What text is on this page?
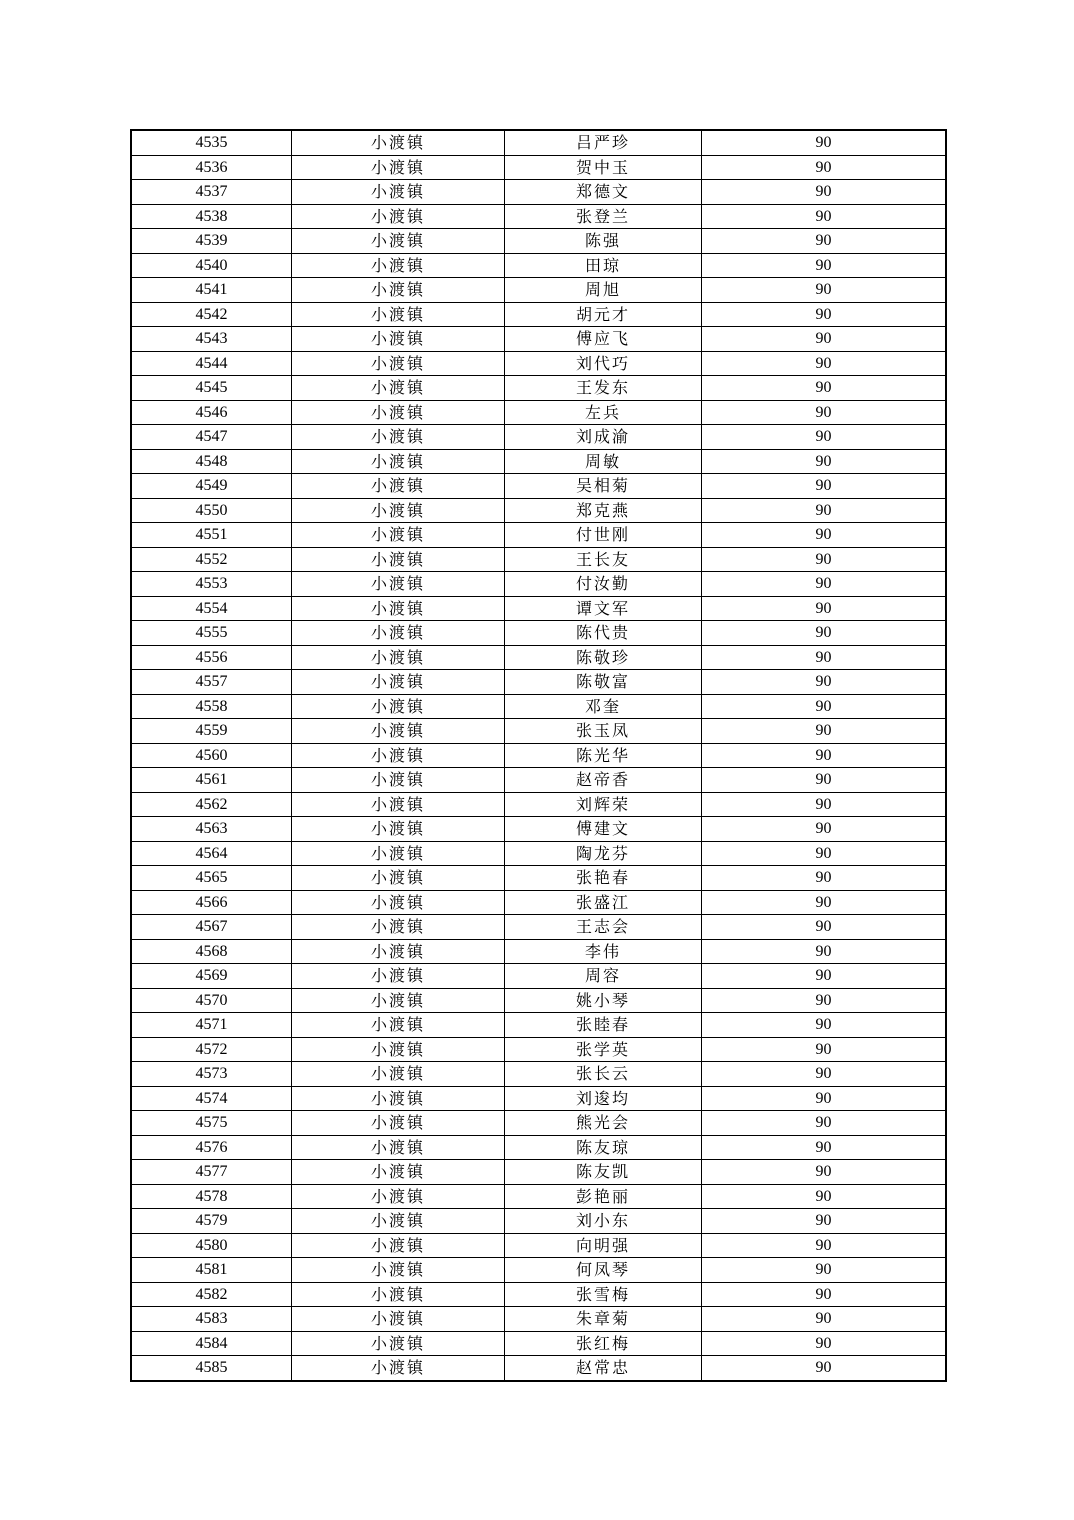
4535	小渡镇	吕严珍	90
4536	小渡镇	贺中玉	90
4537	小渡镇	郑德文	90
4538	小渡镇	张登兰	90
4539	小渡镇	陈强	90
4540	小渡镇	田琼	90
4541	小渡镇	周旭	90
4542	小渡镇	胡元才	90
4543	小渡镇	傅应飞	90
4544	小渡镇	刘代巧	90
4545	小渡镇	王发东	90
4546	小渡镇	左兵	90
4547	小渡镇	刘成渝	90
4548	小渡镇	周敏	90
4549	小渡镇	吴相菊	90
4550	小渡镇	郑克燕	90
4551	小渡镇	付世刚	90
4552	小渡镇	王长友	90
4553	小渡镇	付汝勤	90
4554	小渡镇	谭文军	90
4555	小渡镇	陈代贵	90
4556	小渡镇	陈敬珍	90
4557	小渡镇	陈敬富	90
4558	小渡镇	邓奎	90
4559	小渡镇	张玉凤	90
4560	小渡镇	陈光华	90
4561	小渡镇	赵帝香	90
4562	小渡镇	刘辉荣	90
4563	小渡镇	傅建文	90
4564	小渡镇	陶龙芬	90
4565	小渡镇	张艳春	90
4566	小渡镇	张盛江	90
4567	小渡镇	王志会	90
4568	小渡镇	李伟	90
4569	小渡镇	周容	90
4570	小渡镇	姚小琴	90
4571	小渡镇	张睦春	90
4572	小渡镇	张学英	90
4573	小渡镇	张长云	90
4574	小渡镇	刘逡均	90
4575	小渡镇	熊光会	90
4576	小渡镇	陈友琼	90
4577	小渡镇	陈友凯	90
4578	小渡镇	彭艳丽	90
4579	小渡镇	刘小东	90
4580	小渡镇	向明强	90
4581	小渡镇	何凤琴	90
4582	小渡镇	张雪梅	90
4583	小渡镇	朱章菊	90
4584	小渡镇	张红梅	90
4585	小渡镇	赵常忠	90
